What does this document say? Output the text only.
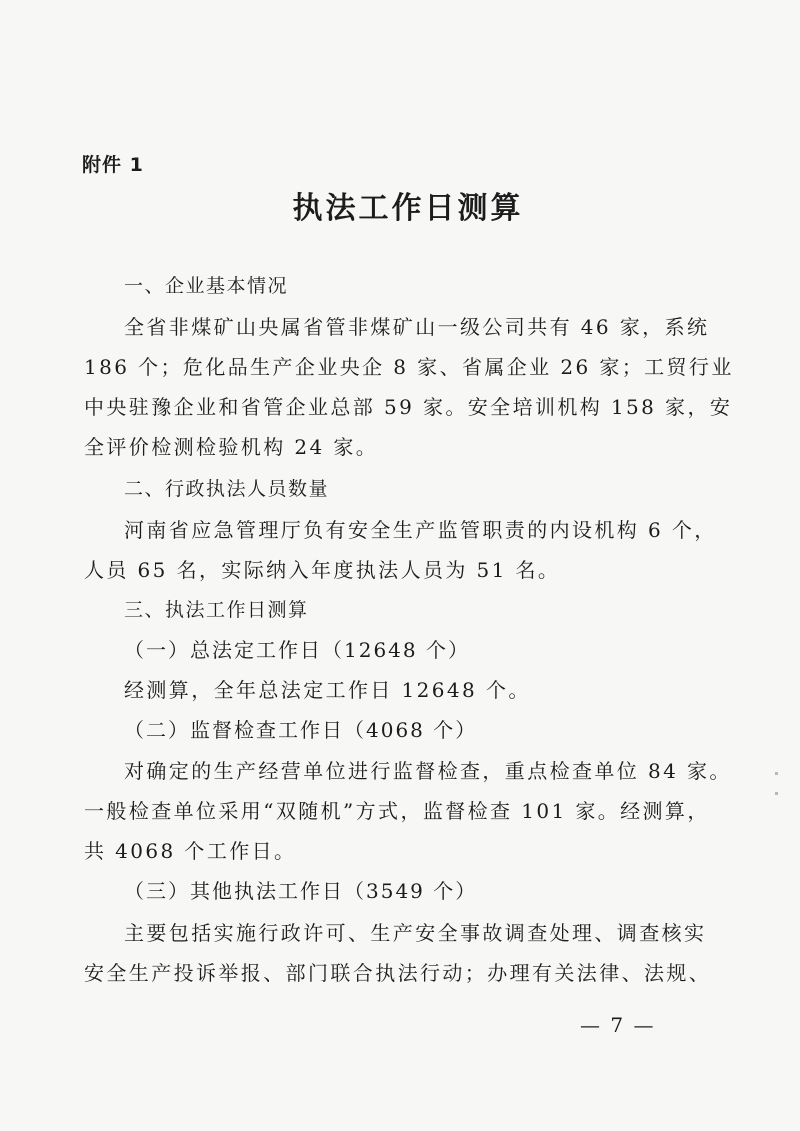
附件 1
执法工作日测算
一、企业基本情况
全省非煤矿山央属省管非煤矿山一级公司共有 46 家，系统
186 个；危化品生产企业央企 8 家、省属企业 26 家；工贸行业
中央驻豫企业和省管企业总部 59 家。安全培训机构 158 家，安
全评价检测检验机构 24 家。
二、行政执法人员数量
河南省应急管理厅负有安全生产监管职责的内设机构 6 个，
人员 65 名，实际纳入年度执法人员为 51 名。
三、执法工作日测算
（一）总法定工作日（12648 个）
经测算，全年总法定工作日 12648 个。
（二）监督检查工作日（4068 个）
对确定的生产经营单位进行监督检查，重点检查单位 84 家。
一般检查单位采用“双随机”方式，监督检查 101 家。经测算，
共 4068 个工作日。
（三）其他执法工作日（3549 个）
主要包括实施行政许可、生产安全事故调查处理、调查核实
安全生产投诉举报、部门联合执法行动；办理有关法律、法规、
— 7 —
